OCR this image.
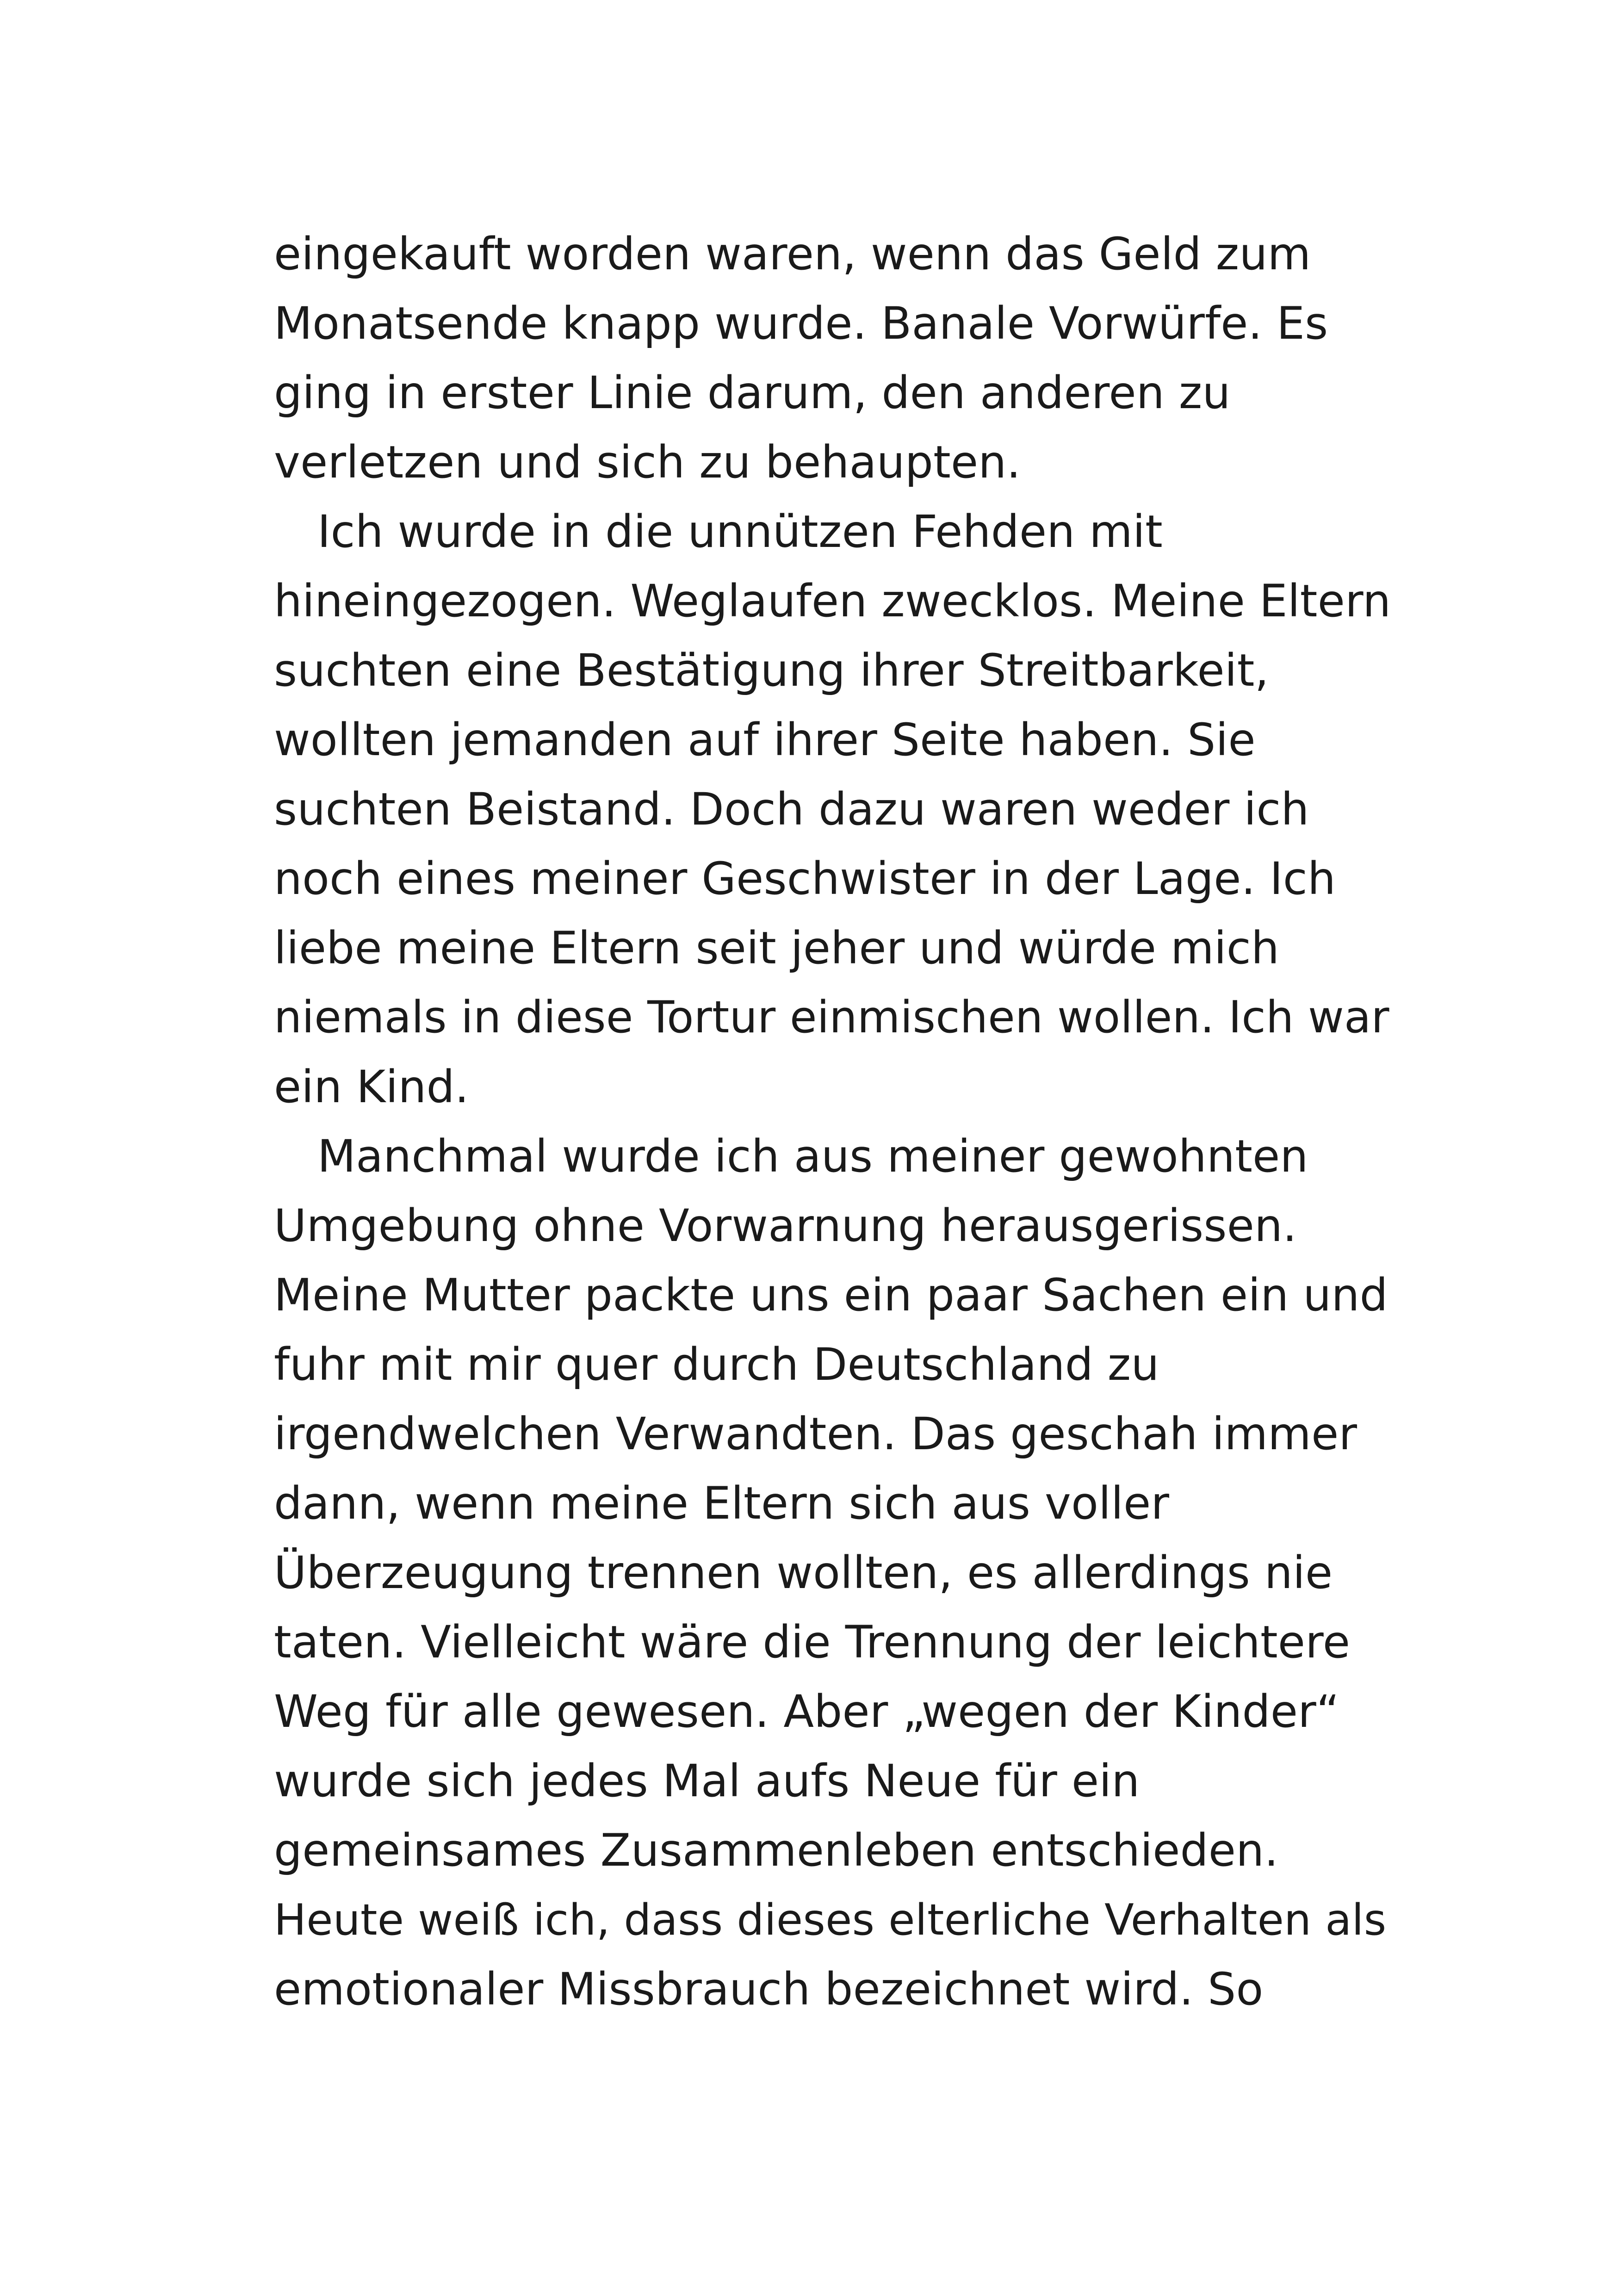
eingekauft worden waren, wenn das Geld zum
Monatsende knapp wurde. Banale Vorwürfe. Es
ging in erster Linie darum, den anderen zu
verletzen und sich zu behaupten.
Ich wurde in die unnützen Fehden mit
hineingezogen. Weglaufen zwecklos. Meine Eltern
suchten eine Bestätigung ihrer Streitbarkeit,
wollten jemanden auf ihrer Seite haben. Sie
suchten Beistand. Doch dazu waren weder ich
noch eines meiner Geschwister in der Lage. Ich
liebe meine Eltern seit jeher und würde mich
niemals in diese Tortur einmischen wollen. Ich war
ein Kind.
Manchmal wurde ich aus meiner gewohnten
Umgebung ohne Vorwarnung herausgerissen.
Meine Mutter packte uns ein paar Sachen ein und
fuhr mit mir quer durch Deutschland zu
irgendwelchen Verwandten. Das geschah immer
dann, wenn meine Eltern sich aus voller
Überzeugung trennen wollten, es allerdings nie
taten. Vielleicht wäre die Trennung der leichtere
Weg für alle gewesen. Aber „wegen der Kinder“
wurde sich jedes Mal aufs Neue für ein
gemeinsames Zusammenleben entschieden.
Heute weiß ich, dass dieses elterliche Verhalten als
emotionaler Missbrauch bezeichnet wird. So
